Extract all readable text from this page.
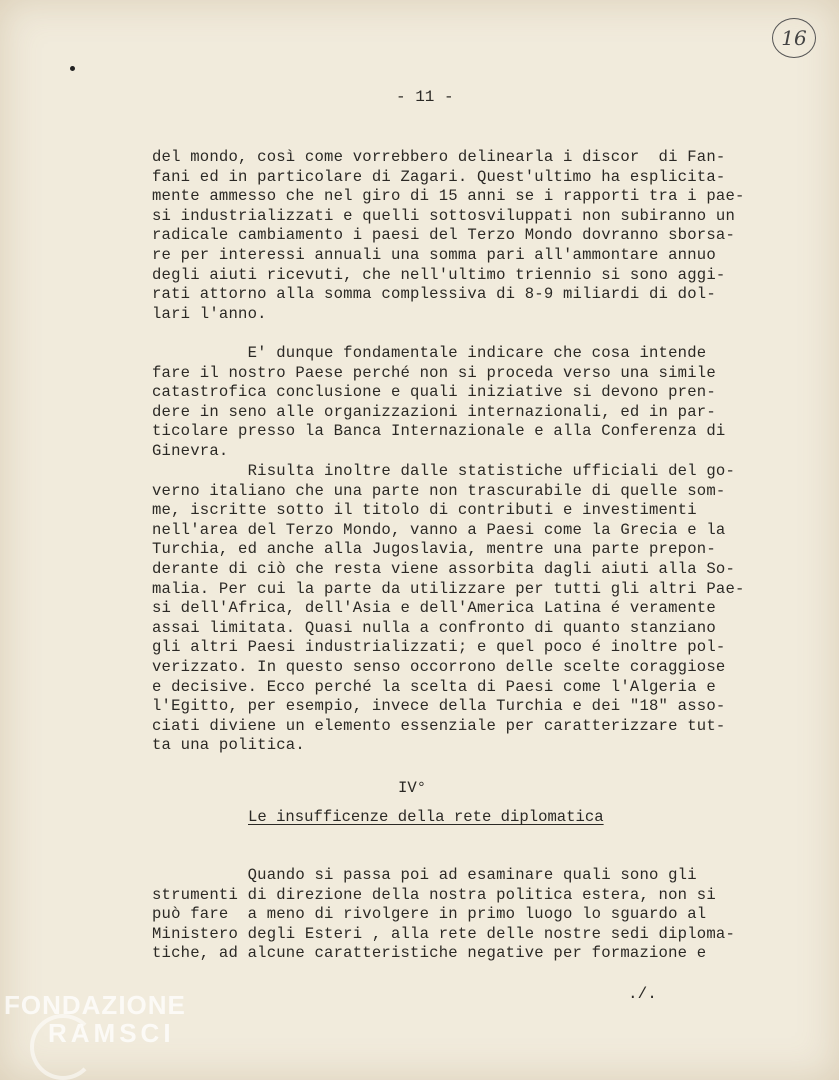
16
- 11 -
del mondo, così come vorrebbero delinearla i discor  di Fan-
fani ed in particolare di Zagari. Quest'ultimo ha esplicita-
mente ammesso che nel giro di 15 anni se i rapporti tra i pae-
si industrializzati e quelli sottosviluppati non subiranno un
radicale cambiamento i paesi del Terzo Mondo dovranno sborsa-
re per interessi annuali una somma pari all'ammontare annuo
degli aiuti ricevuti, che nell'ultimo triennio si sono aggi-
rati attorno alla somma complessiva di 8-9 miliardi di dol-
lari l'anno.
E' dunque fondamentale indicare che cosa intende
fare il nostro Paese perché non si proceda verso una simile
catastrofica conclusione e quali iniziative si devono pren-
dere in seno alle organizzazioni internazionali, ed in par-
ticolare presso la Banca Internazionale e alla Conferenza di
Ginevra.
Risulta inoltre dalle statistiche ufficiali del go-
verno italiano che una parte non trascurabile di quelle som-
me, iscritte sotto il titolo di contributi e investimenti
nell'area del Terzo Mondo, vanno a Paesi come la Grecia e la
Turchia, ed anche alla Jugoslavia, mentre una parte prepon-
derante di ciò che resta viene assorbita dagli aiuti alla So-
malia. Per cui la parte da utilizzare per tutti gli altri Pae-
si dell'Africa, dell'Asia e dell'America Latina é veramente
assai limitata. Quasi nulla a confronto di quanto stanziano
gli altri Paesi industrializzati; e quel poco é inoltre pol-
verizzato. In questo senso occorrono delle scelte coraggiose
e decisive. Ecco perché la scelta di Paesi come l'Algeria e
l'Egitto, per esempio, invece della Turchia e dei "18" asso-
ciati diviene un elemento essenziale per caratterizzare tut-
ta una politica.
IV°
Le insufficenze della rete diplomatica
Quando si passa poi ad esaminare quali sono gli
strumenti di direzione della nostra politica estera, non si
può fare  a meno di rivolgere in primo luogo lo sguardo al
Ministero degli Esteri , alla rete delle nostre sedi diploma-
tiche, ad alcune caratteristiche negative per formazione e
./.
FONDAZIONE
RAMSCI
